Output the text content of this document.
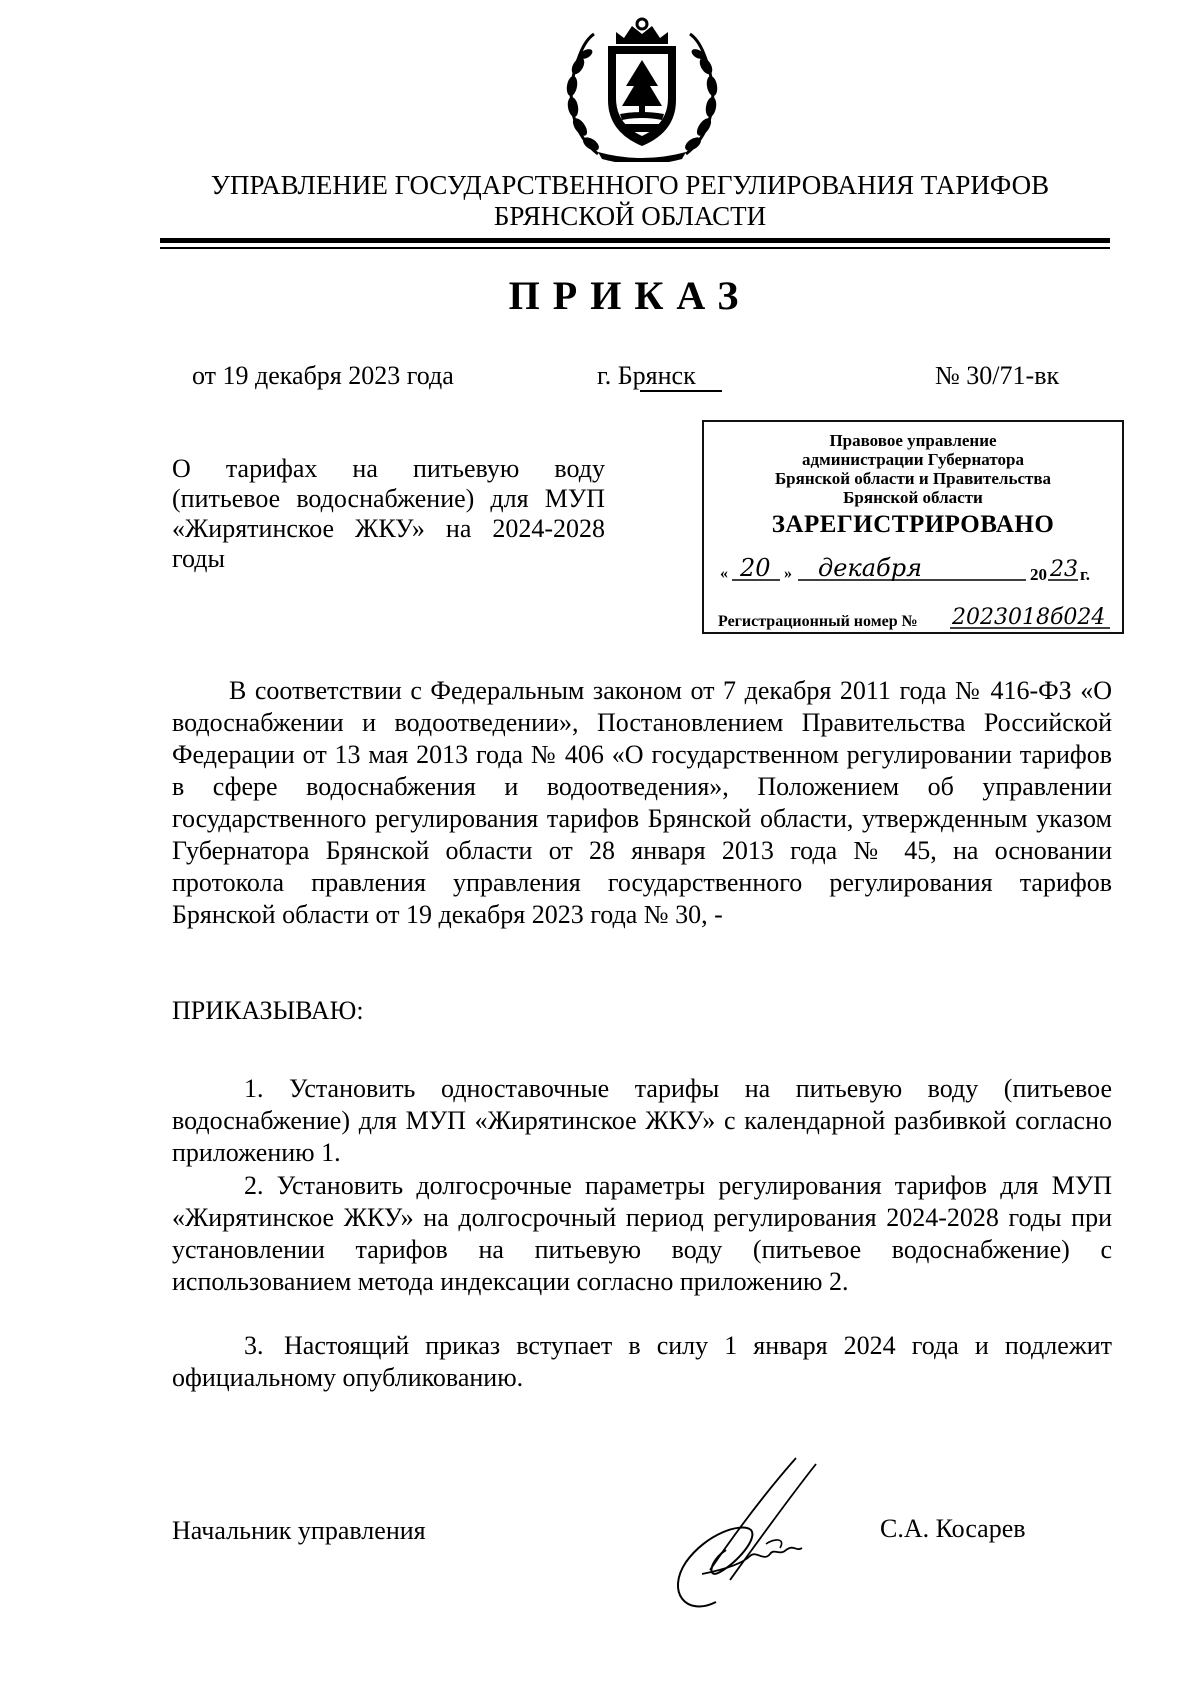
УПРАВЛЕНИЕ ГОСУДАРСТВЕННОГО РЕГУЛИРОВАНИЯ ТАРИФОВ
БРЯНСКОЙ ОБЛАСТИ
ПРИКАЗ
от 19 декабря 2023 года	г. Брянск	№ 30/71-вк
О тарифах на питьевую воду (питьевое водоснабжение) для МУП «Жирятинское ЖКУ» на 2024-2028 годы
Правовое управление
администрации Губернатора
Брянской области и Правительства
Брянской области
ЗАРЕГИСТРИРОВАНО
« 20 » декабря	20 23 г.
Регистрационный номер № 2023018б024
В соответствии с Федеральным законом от 7 декабря 2011 года № 416-ФЗ «О водоснабжении и водоотведении», Постановлением Правительства Российской Федерации от 13 мая 2013 года № 406 «О государственном регулировании тарифов в сфере водоснабжения и водоотведения», Положением об управлении государственного регулирования тарифов Брянской области, утвержденным указом Губернатора Брянской области от 28 января 2013 года № 45, на основании протокола правления управления государственного регулирования тарифов Брянской области от 19 декабря 2023 года № 30, -
ПРИКАЗЫВАЮ:
1. Установить одноставочные тарифы на питьевую воду (питьевое водоснабжение) для МУП «Жирятинское ЖКУ» с календарной разбивкой согласно приложению 1.
2. Установить долгосрочные параметры регулирования тарифов для МУП «Жирятинское ЖКУ» на долгосрочный период регулирования 2024-2028 годы при установлении тарифов на питьевую воду (питьевое водоснабжение) с использованием метода индексации согласно приложению 2.
3. Настоящий приказ вступает в силу 1 января 2024 года и подлежит официальному опубликованию.
Начальник управления	С.А. Косарев
